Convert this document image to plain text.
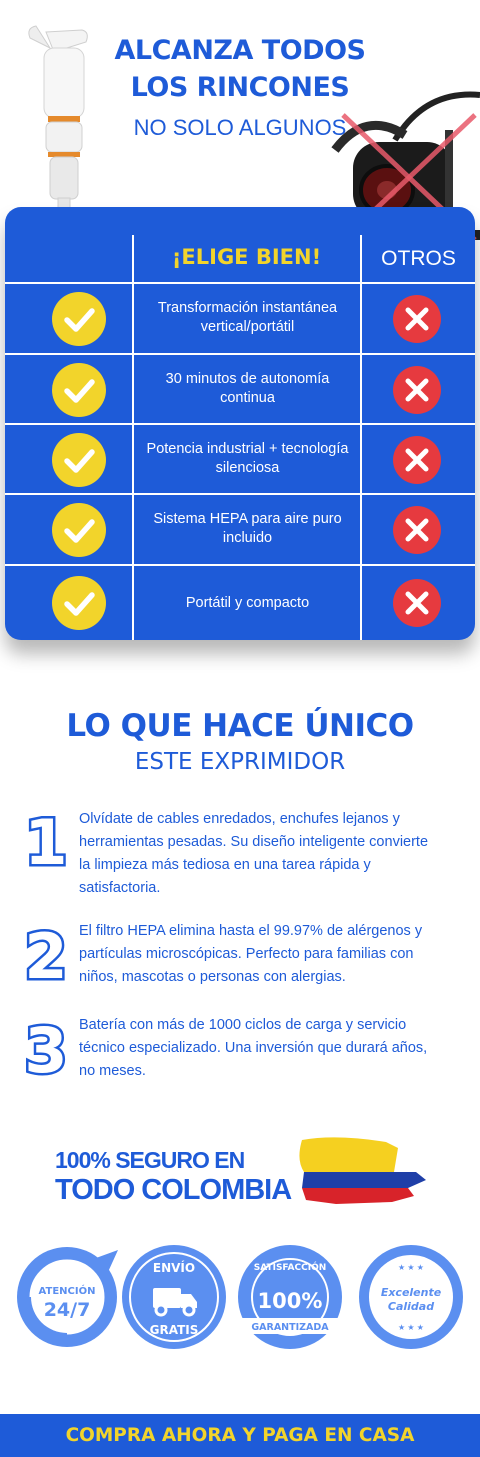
ALCANZA TODOS
LOS RINCONES
NO SOLO ALGUNOS
¡ELIGE BIEN!	OTROS
Transformación instantánea vertical/portátil
30 minutos de autonomía continua
Potencia industrial + tecnología silenciosa
Sistema HEPA para aire puro incluido
Portátil y compacto
LO QUE HACE ÚNICO
ESTE EXPRIMIDOR
1 Olvídate de cables enredados, enchufes lejanos y herramientas pesadas. Su diseño inteligente convierte la limpieza más tediosa en una tarea rápida y satisfactoria.
2 El filtro HEPA elimina hasta el 99.97% de alérgenos y partículas microscópicas. Perfecto para familias con niños, mascotas o personas con alergias.
3 Batería con más de 1000 ciclos de carga y servicio técnico especializado. Una inversión que durará años, no meses.
100% SEGURO EN
TODO COLOMBIA
ATENCIÓN
24/7
ENVÍO
GRATIS
SATISFACCIÓN
100%
GARANTIZADA
★ ★ ★
Excelente
Calidad
★ ★ ★
COMPRA AHORA Y PAGA EN CASA
